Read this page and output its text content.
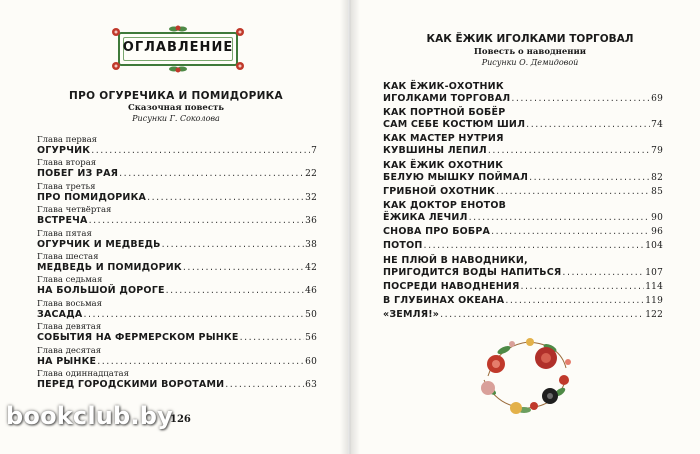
ОГЛАВЛЕНИЕ
ПРО ОГУРЕЧИКА И ПОМИДОРИКА
Сказочная повесть
Рисунки Г. Соколовa
Глава первая
ОГУРЧИК .....	7
Глава вторая
ПОБЕГ ИЗ РАЯ .....	22
Глава третья
ПРО ПОМИДОРИКА .....	32
Глава четвёртая
ВСТРЕЧА .....	36
Глава пятая
ОГУРЧИК И МЕДВЕДЬ .....	38
Глава шестая
МЕДВЕДЬ И ПОМИДОРИК .....	42
Глава седьмая
НА БОЛЬШОЙ ДОРОГЕ .....	46
Глава восьмая
ЗАСАДА .....	50
Глава девятая
СОБЫТИЯ НА ФЕРМЕРСКОМ РЫНКЕ .....	56
Глава десятая
НА РЫНКЕ .....	60
Глава одиннадцатая
ПЕРЕД ГОРОДСКИМИ ВОРОТАМИ .....	63
126
КАК ЁЖИК ИГОЛКАМИ ТОРГОВАЛ
Повесть о наводнении
Рисунки О. Демидовой
КАК ЁЖИК-ОХОТНИК
ИГОЛКАМИ ТОРГОВАЛ .....	69
КАК ПОРТНОЙ БОБЁР
САМ СЕБЕ КОСТЮМ ШИЛ .....	74
КАК МАСТЕР НУТРИЯ
КУВШИНЫ ЛЕПИЛ .....	79
КАК ЁЖИК ОХОТНИК
БЕЛУЮ МЫШКУ ПОЙМАЛ .....	82
ГРИБНОЙ ОХОТНИК .....	85
КАК ДОКТОР ЕНОТОВ
ЁЖИКА ЛЕЧИЛ .....	90
СНОВА ПРО БОБРА .....	96
ПОТОП .....	104
НЕ ПЛЮЙ В НАВОДНИКИ,
ПРИГОДИТСЯ ВОДЫ НАПИТЬСЯ .....	107
ПОСРЕДИ НАВОДНЕНИЯ .....	114
В ГЛУБИНАХ ОКЕАНА .....	119
«ЗЕМЛЯ!» .....	122
bookclub.by
